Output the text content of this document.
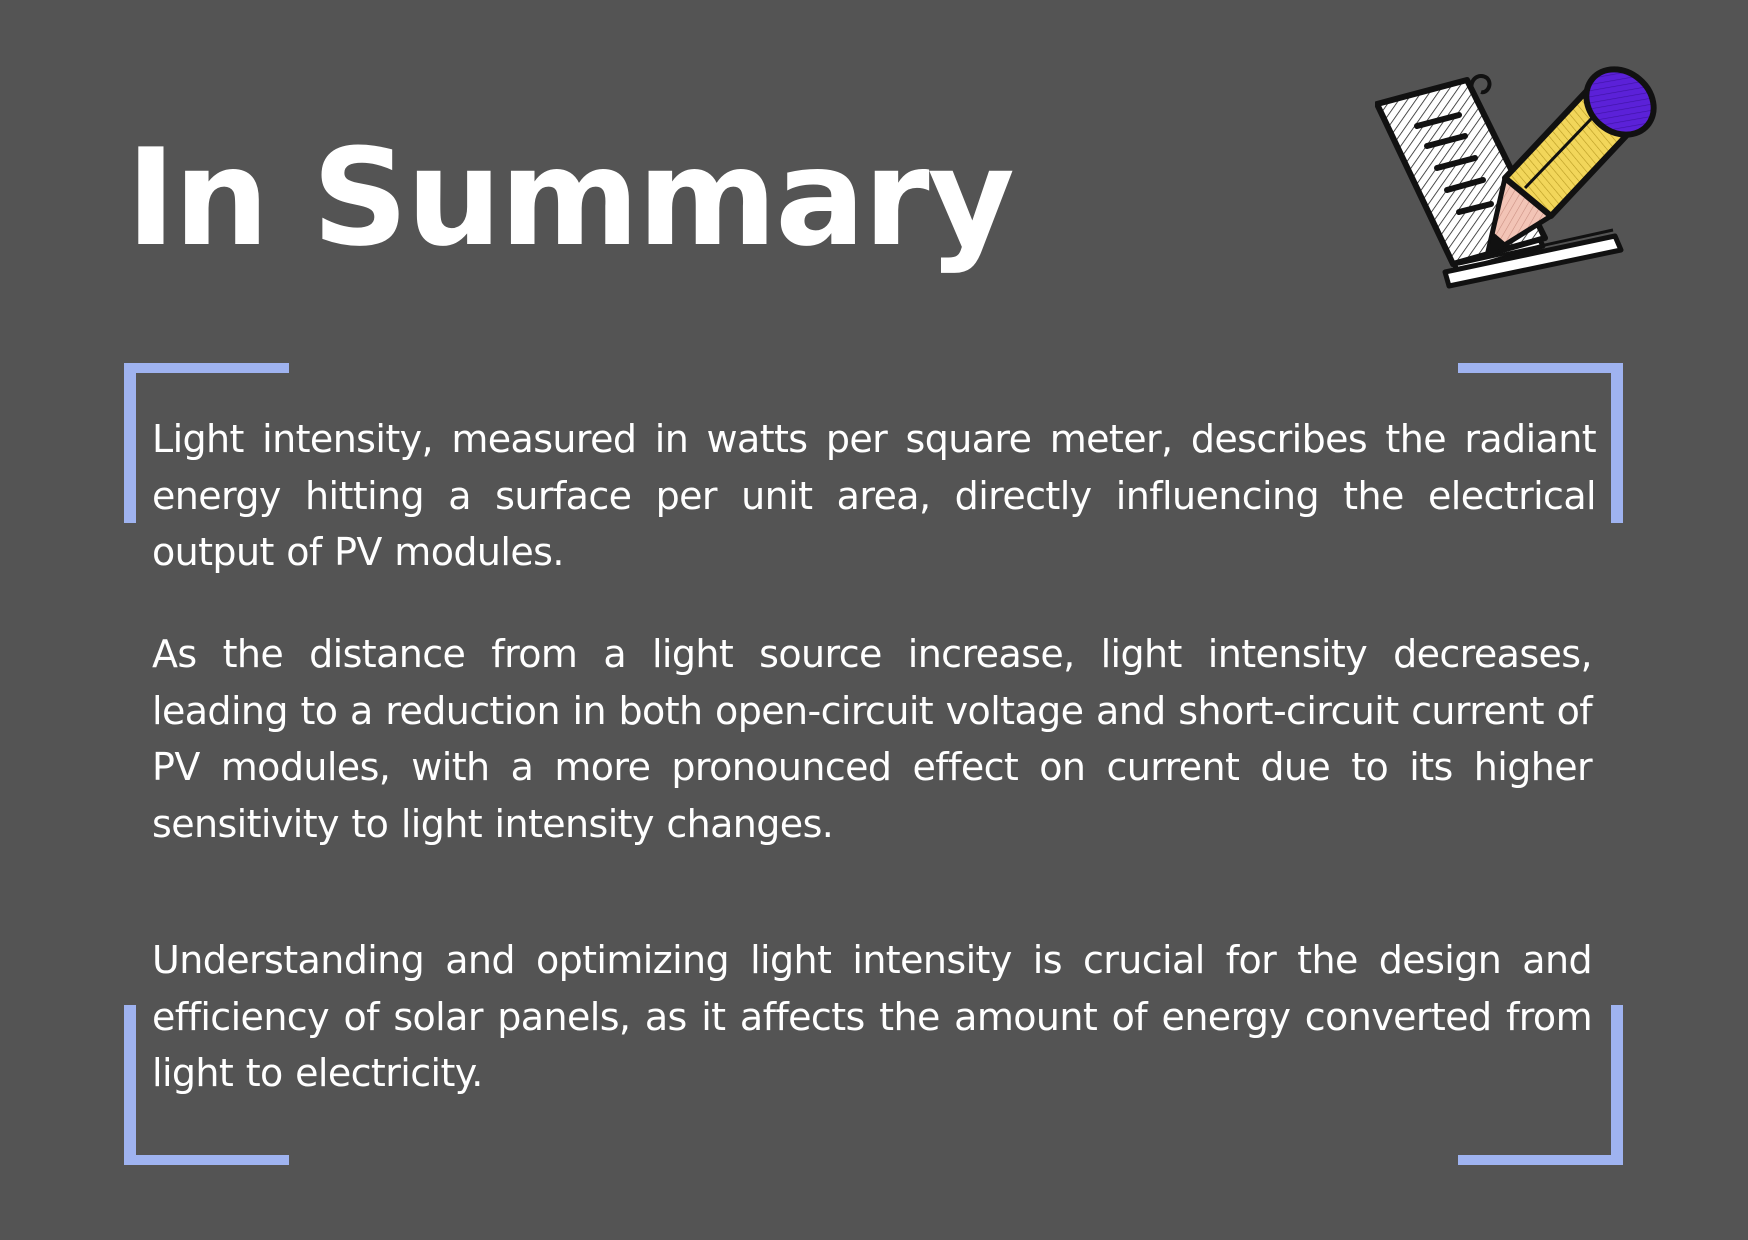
In Summary

Light intensity, measured in watts per square meter, describes the radiant energy hitting a surface per unit area, directly influencing the electrical output of PV modules.

As the distance from a light source increase, light intensity decreases, leading to a reduction in both open-circuit voltage and short-circuit current of PV modules, with a more pronounced effect on current due to its higher sensitivity to light intensity changes.

Understanding and optimizing light intensity is crucial for the design and efficiency of solar panels, as it affects the amount of energy converted from light to electricity.
